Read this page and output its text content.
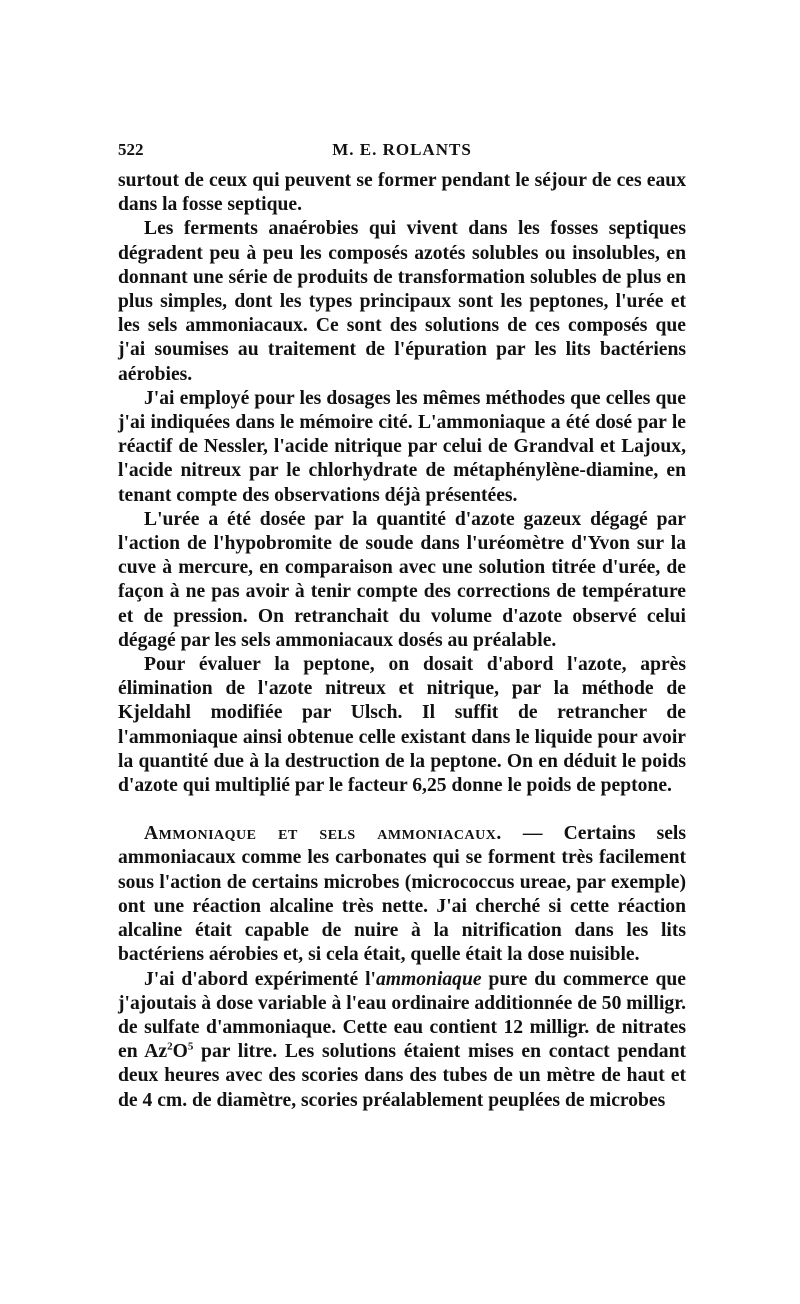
522	M. E. ROLANTS

surtout de ceux qui peuvent se former pendant le séjour de ces eaux dans la fosse septique.

Les ferments anaérobies qui vivent dans les fosses septiques dégradent peu à peu les composés azotés solubles ou insolubles, en donnant une série de produits de transformation solubles de plus en plus simples, dont les types principaux sont les peptones, l'urée et les sels ammoniacaux. Ce sont des solutions de ces composés que j'ai soumises au traitement de l'épuration par les lits bactériens aérobies.

J'ai employé pour les dosages les mêmes méthodes que celles que j'ai indiquées dans le mémoire cité. L'ammoniaque a été dosé par le réactif de Nessler, l'acide nitrique par celui de Grandval et Lajoux, l'acide nitreux par le chlorhydrate de métaphénylène-diamine, en tenant compte des observations déjà présentées.

L'urée a été dosée par la quantité d'azote gazeux dégagé par l'action de l'hypobromite de soude dans l'uréomètre d'Yvon sur la cuve à mercure, en comparaison avec une solution titrée d'urée, de façon à ne pas avoir à tenir compte des corrections de température et de pression. On retranchait du volume d'azote observé celui dégagé par les sels ammoniacaux dosés au préalable.

Pour évaluer la peptone, on dosait d'abord l'azote, après élimination de l'azote nitreux et nitrique, par la méthode de Kjeldahl modifiée par Ulsch. Il suffit de retrancher de l'ammoniaque ainsi obtenue celle existant dans le liquide pour avoir la quantité due à la destruction de la peptone. On en déduit le poids d'azote qui multiplié par le facteur 6,25 donne le poids de peptone.

Ammoniaque et sels ammoniacaux. — Certains sels ammoniacaux comme les carbonates qui se forment très facilement sous l'action de certains microbes (micrococcus ureae, par exemple) ont une réaction alcaline très nette. J'ai cherché si cette réaction alcaline était capable de nuire à la nitrification dans les lits bactériens aérobies et, si cela était, quelle était la dose nuisible.

J'ai d'abord expérimenté l'ammoniaque pure du commerce que j'ajoutais à dose variable à l'eau ordinaire additionnée de 50 milligr. de sulfate d'ammoniaque. Cette eau contient 12 milligr. de nitrates en $Az^2O^5$ par litre. Les solutions étaient mises en contact pendant deux heures avec des scories dans des tubes de un mètre de haut et de 4 cm. de diamètre, scories préalablement peuplées de microbes
